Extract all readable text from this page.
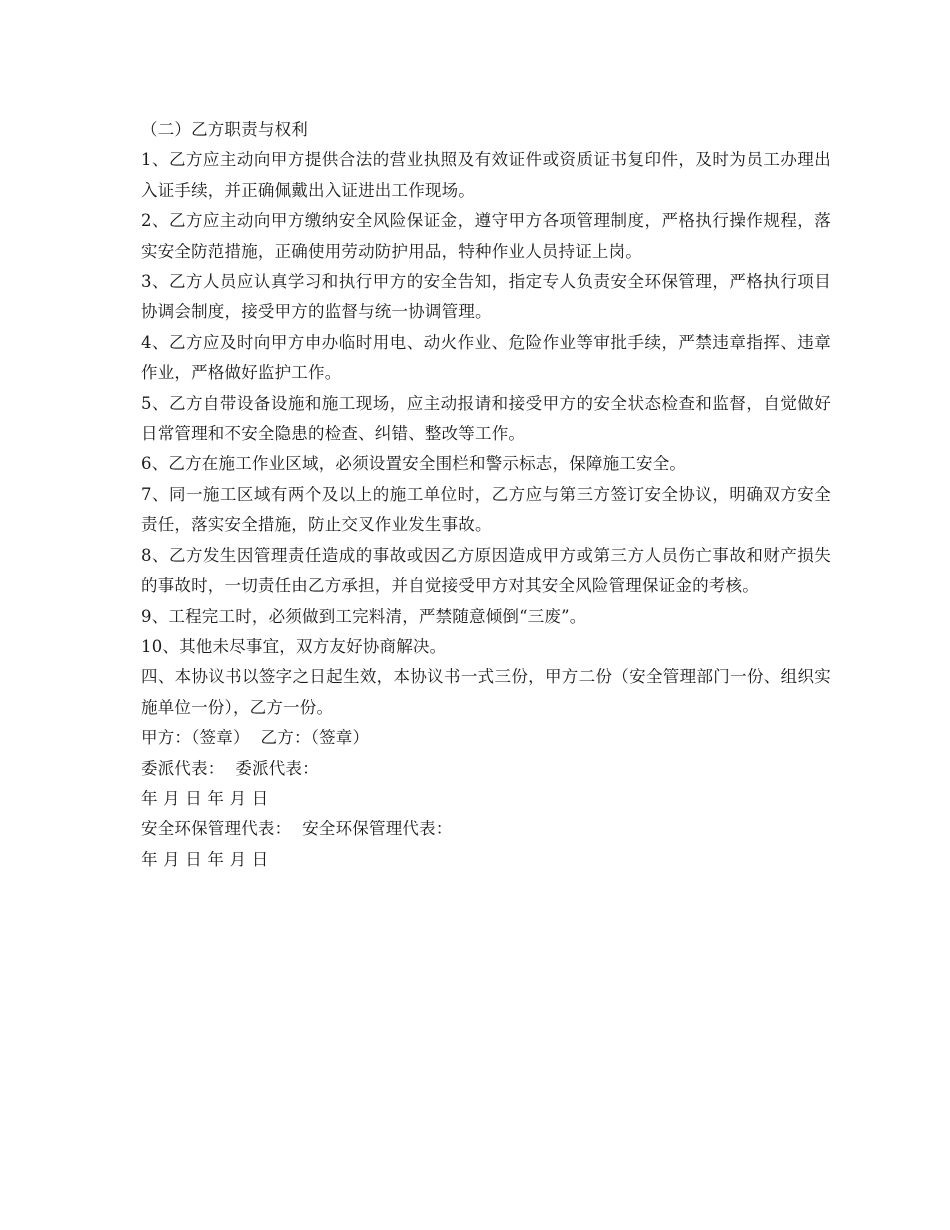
（二）乙方职责与权利

1、乙方应主动向甲方提供合法的营业执照及有效证件或资质证书复印件，及时为员工办理出入证手续，并正确佩戴出入证进出工作现场。

2、乙方应主动向甲方缴纳安全风险保证金，遵守甲方各项管理制度，严格执行操作规程，落实安全防范措施，正确使用劳动防护用品，特种作业人员持证上岗。

3、乙方人员应认真学习和执行甲方的安全告知，指定专人负责安全环保管理，严格执行项目协调会制度，接受甲方的监督与统一协调管理。

4、乙方应及时向甲方申办临时用电、动火作业、危险作业等审批手续，严禁违章指挥、违章作业，严格做好监护工作。

5、乙方自带设备设施和施工现场，应主动报请和接受甲方的安全状态检查和监督，自觉做好日常管理和不安全隐患的检查、纠错、整改等工作。

6、乙方在施工作业区域，必须设置安全围栏和警示标志，保障施工安全。

7、同一施工区域有两个及以上的施工单位时，乙方应与第三方签订安全协议，明确双方安全责任，落实安全措施，防止交叉作业发生事故。

8、乙方发生因管理责任造成的事故或因乙方原因造成甲方或第三方人员伤亡事故和财产损失的事故时，一切责任由乙方承担，并自觉接受甲方对其安全风险管理保证金的考核。

9、工程完工时，必须做到工完料清，严禁随意倾倒“三废”。

10、其他未尽事宜，双方友好协商解决。

四、本协议书以签字之日起生效，本协议书一式三份，甲方二份（安全管理部门一份、组织实施单位一份），乙方一份。

甲方：（签章）  乙方：（签章）

委派代表：  委派代表：

年 月 日 年 月 日

安全环保管理代表：  安全环保管理代表：

年 月 日 年 月 日
